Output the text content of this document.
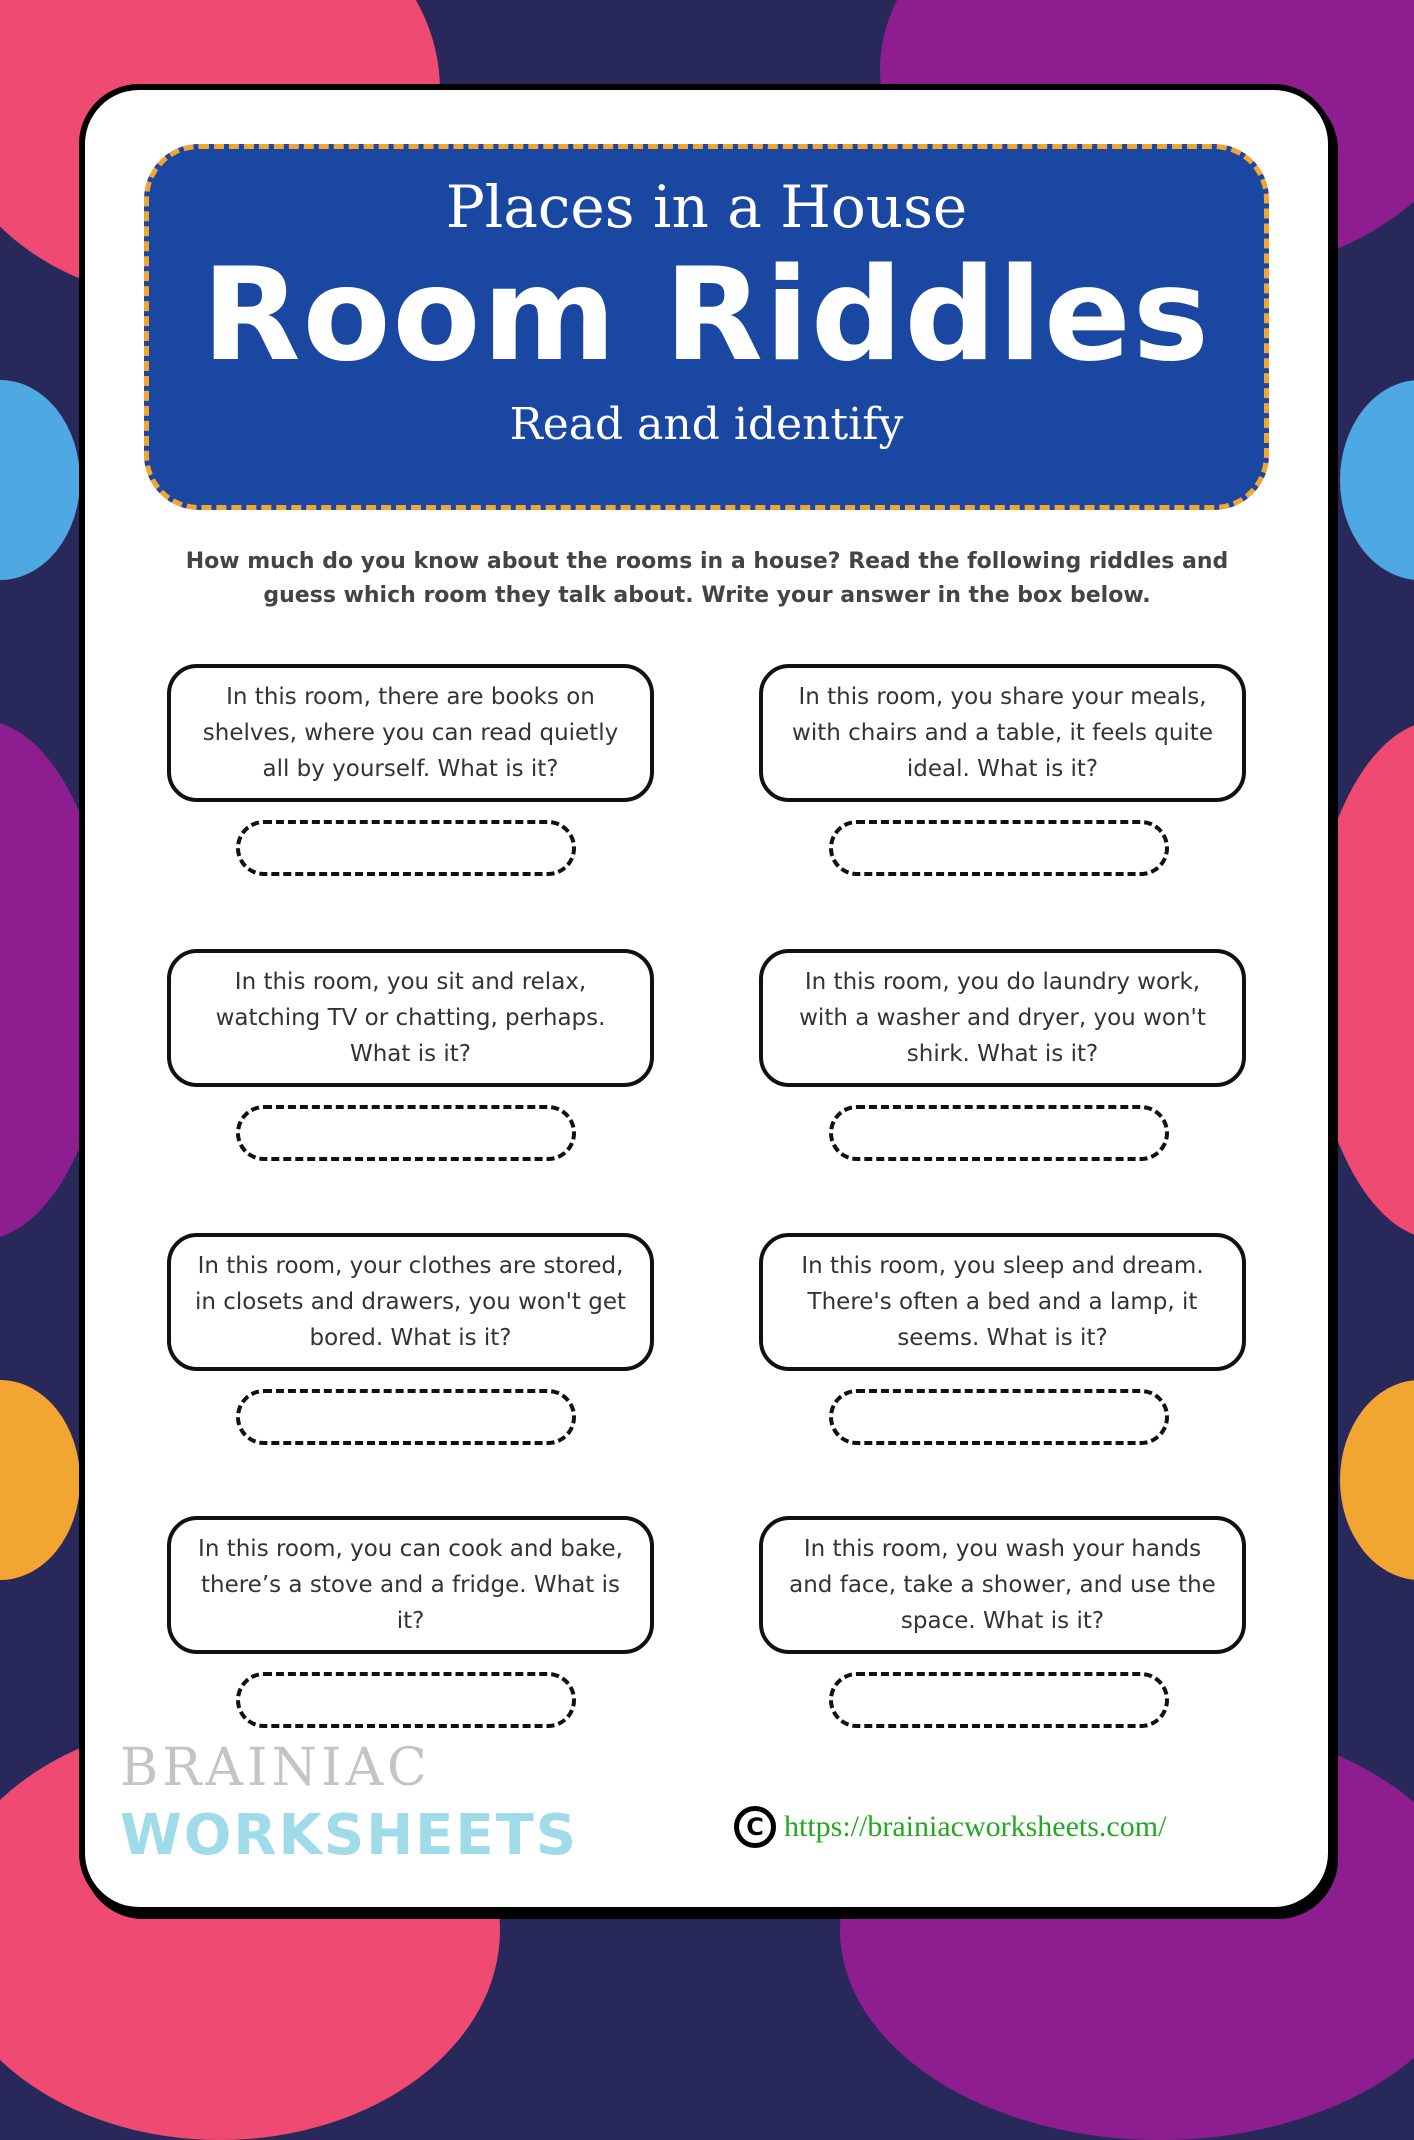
Places in a House
Room Riddles
Read and identify
How much do you know about the rooms in a house? Read the following riddles and guess which room they talk about. Write your answer in the box below.
In this room, there are books on shelves, where you can read quietly all by yourself. What is it?
In this room, you share your meals, with chairs and a table, it feels quite ideal. What is it?
In this room, you sit and relax, watching TV or chatting, perhaps. What is it?
In this room, you do laundry work, with a washer and dryer, you won't shirk. What is it?
In this room, your clothes are stored, in closets and drawers, you won't get bored. What is it?
In this room, you sleep and dream. There's often a bed and a lamp, it seems. What is it?
In this room, you can cook and bake, there’s a stove and a fridge. What is it?
In this room, you wash your hands and face, take a shower, and use the space. What is it?
BRAINIAC
WORKSHEETS	C https://brainiacworksheets.com/
